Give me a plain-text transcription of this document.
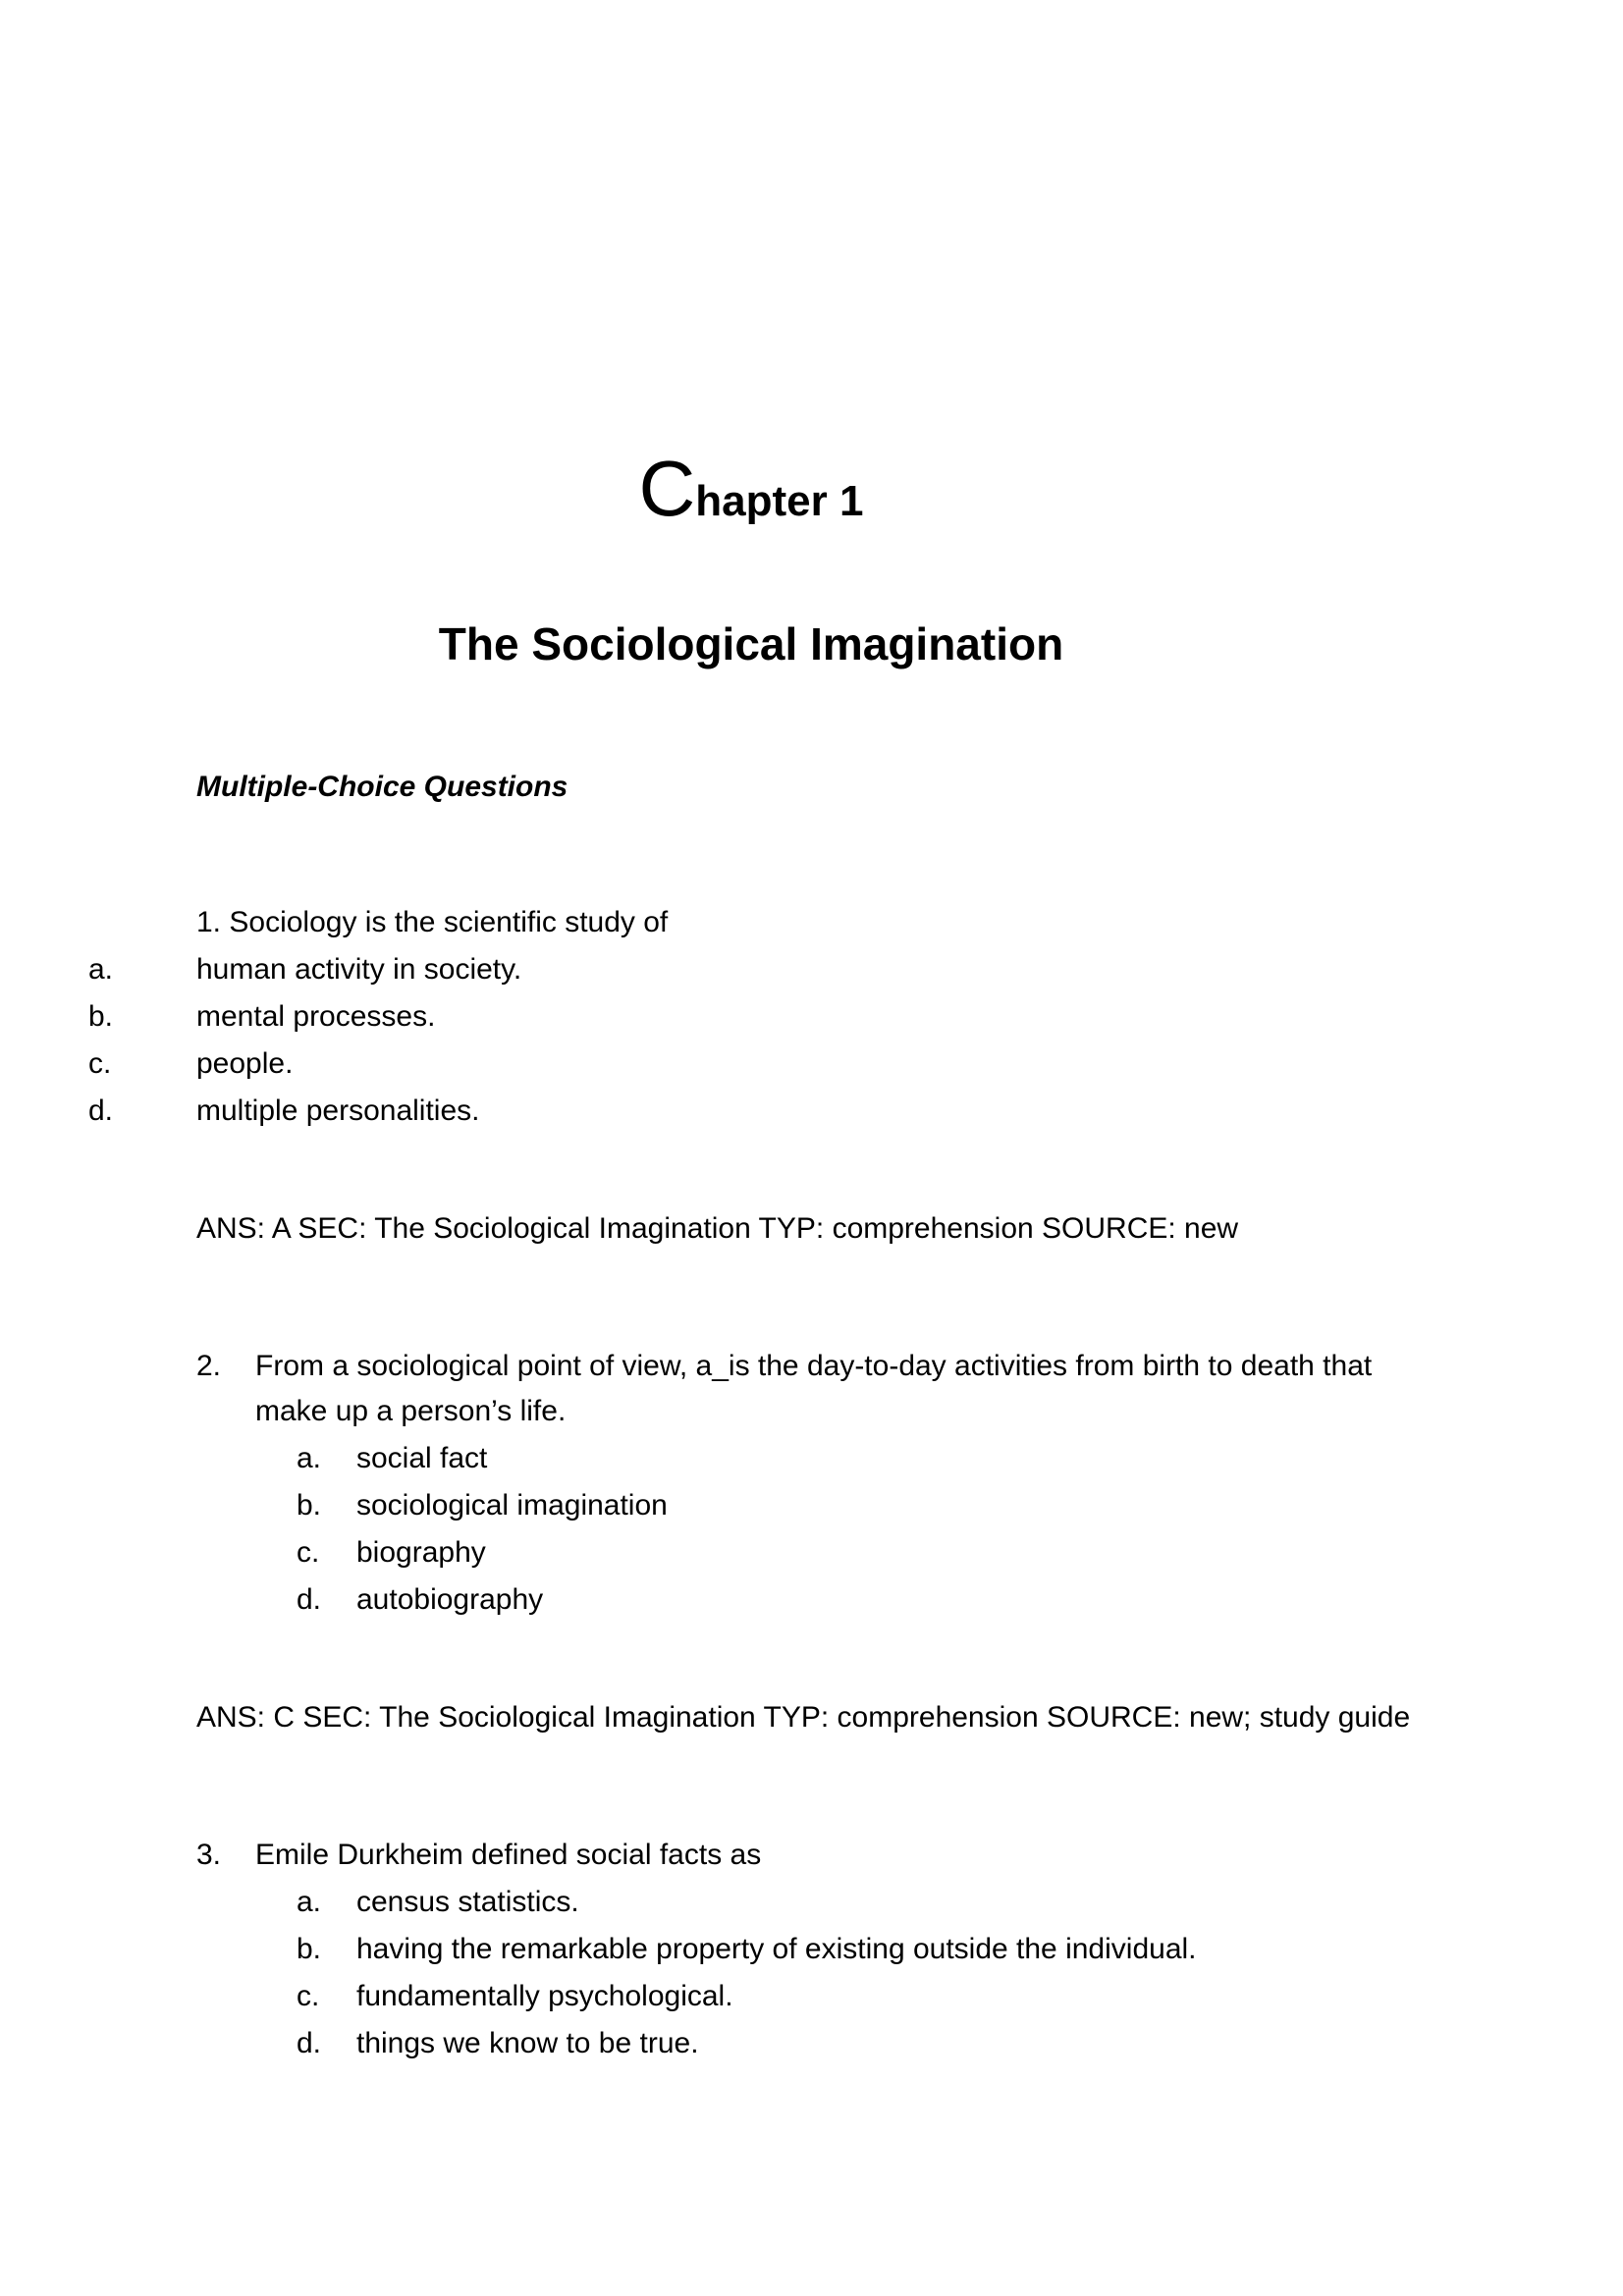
Chapter 1
The Sociological Imagination
Multiple-Choice Questions
1. Sociology is the scientific study of
a.	human activity in society.
b.	mental processes.
c.	people.
d.	multiple personalities.
ANS: A SEC: The Sociological Imagination TYP: comprehension SOURCE: new
2. From a sociological point of view, a_is the day-to-day activities from birth to death that
make up a person’s life.
a. social fact
b. sociological imagination
c. biography
d. autobiography
ANS: C SEC: The Sociological Imagination TYP: comprehension SOURCE: new; study guide
3. Emile Durkheim defined social facts as
a. census statistics.
b. having the remarkable property of existing outside the individual.
c. fundamentally psychological.
d. things we know to be true.
